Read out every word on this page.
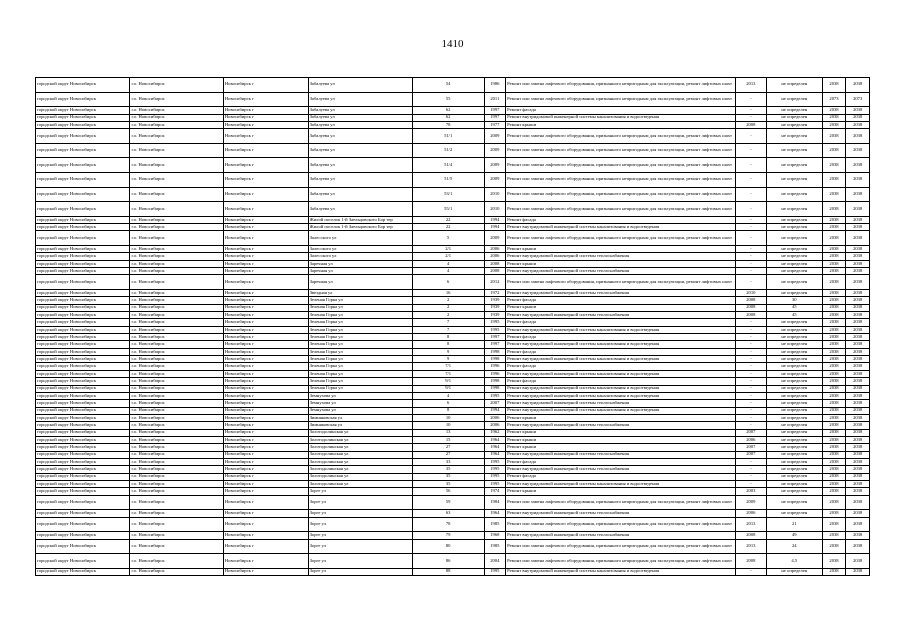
1410
городской округ Новосибирск	г.о. Новосибирск	Новосибирск г	Забалуева ул	54	1986	Ремонт или замена лифтового оборудования, признанного непригодным для эксплуатации, ремонт лифтовых шахт	2013	не определен	2038	2038
городской округ Новосибирск	г.о. Новосибирск	Новосибирск г	Забалуева ул	55	2011	Ремонт или замена лифтового оборудования, признанного непригодным для эксплуатации, ремонт лифтовых шахт	-	не определен	2073	2073
городской округ Новосибирск	г.о. Новосибирск	Новосибирск г	Забалуева ул	62	1997	Ремонт фасада	-	не определен	2038	2038
городской округ Новосибирск	г.о. Новосибирск	Новосибирск г	Забалуева ул	62	1997	Ремонт внутридомовой инженерной системы канализования и водоотведения	-	не определен	2038	2038
городской округ Новосибирск	г.о. Новосибирск	Новосибирск г	Забалуева ул	78	1977	Ремонт крыши	2008	не определен	2038	2038
городской округ Новосибирск	г.о. Новосибирск	Новосибирск г	Забалуева ул	51/1	2009	Ремонт или замена лифтового оборудования, признанного непригодным для эксплуатации, ремонт лифтовых шахт	-	не определен	2038	2038
городской округ Новосибирск	г.о. Новосибирск	Новосибирск г	Забалуева ул	51/2	2009	Ремонт или замена лифтового оборудования, признанного непригодным для эксплуатации, ремонт лифтовых шахт	-	не определен	2038	2038
городской округ Новосибирск	г.о. Новосибирск	Новосибирск г	Забалуева ул	51/4	2009	Ремонт или замена лифтового оборудования, признанного непригодным для эксплуатации, ремонт лифтовых шахт	-	не определен	2038	2038
городской округ Новосибирск	г.о. Новосибирск	Новосибирск г	Забалуева ул	51/5	2009	Ремонт или замена лифтового оборудования, признанного непригодным для эксплуатации, ремонт лифтовых шахт	-	не определен	2038	2038
городской округ Новосибирск	г.о. Новосибирск	Новосибирск г	Забалуева ул	53/1	2010	Ремонт или замена лифтового оборудования, признанного непригодным для эксплуатации, ремонт лифтовых шахт	-	не определен	2038	2038
городской округ Новосибирск	г.о. Новосибирск	Новосибирск г	Забалуева ул	55/1	2010	Ремонт или замена лифтового оборудования, признанного непригодным для эксплуатации, ремонт лифтовых шахт	-	не определен	2038	2038
городской округ Новосибирск	г.о. Новосибирск	Новосибирск г	Жилой поселок 1-й Заельцовского Бор тер	22	1994	Ремонт фасада	-	не определен	2038	2038
городской округ Новосибирск	г.о. Новосибирск	Новосибирск г	Жилой поселок 1-й Заельцовского Бор тер	22	1994	Ремонт внутридомовой инженерной системы канализования и водоотведения	-	не определен	2038	2038
городской округ Новосибирск	г.о. Новосибирск	Новосибирск г	Залесского ул	5	2009	Ремонт или замена лифтового оборудования, признанного непригодным для эксплуатации, ремонт лифтовых шахт	-	не определен	2038	2038
городской округ Новосибирск	г.о. Новосибирск	Новосибирск г	Залесского ул	2/1	2006	Ремонт крыши	-	не определен	2038	2038
городской округ Новосибирск	г.о. Новосибирск	Новосибирск г	Залесского ул	2/1	2006	Ремонт внутридомовой инженерной системы теплоснабжения	-	не определен	2038	2038
городской округ Новосибирск	г.о. Новосибирск	Новосибирск г	Заречная ул	4	2008	Ремонт крыши	-	не определен	2038	2038
городской округ Новосибирск	г.о. Новосибирск	Новосибирск г	Заречная ул	4	2008	Ремонт внутридомовой инженерной системы теплоснабжения	-	не определен	2038	2038
городской округ Новосибирск	г.о. Новосибирск	Новосибирск г	Заречная ул	6	2012	Ремонт или замена лифтового оборудования, признанного непригодным для эксплуатации, ремонт лифтовых шахт	-	не определен	2038	2038
городской округ Новосибирск	г.о. Новосибирск	Новосибирск г	Звездная ул	16	1972	Ремонт внутридомовой инженерной системы теплоснабжения	2010	не определен	2038	2038
городской округ Новосибирск	г.о. Новосибирск	Новосибирск г	Зеленая Горка ул	2	1939	Ремонт фасада	2008	30	2038	2038
городской округ Новосибирск	г.о. Новосибирск	Новосибирск г	Зеленая Горка ул	2	1939	Ремонт крыши	2008	45	2038	2038
городской округ Новосибирск	г.о. Новосибирск	Новосибирск г	Зеленая Горка ул	2	1939	Ремонт внутридомовой инженерной системы теплоснабжения	2008	45	2038	2038
городской округ Новосибирск	г.о. Новосибирск	Новосибирск г	Зеленая Горка ул	7	1995	Ремонт фасада	-	не определен	2038	2038
городской округ Новосибирск	г.о. Новосибирск	Новосибирск г	Зеленая Горка ул	7	1995	Ремонт внутридомовой инженерной системы канализования и водоотведения	-	не определен	2038	2038
городской округ Новосибирск	г.о. Новосибирск	Новосибирск г	Зеленая Горка ул	8	1997	Ремонт фасада	-	не определен	2038	2038
городской округ Новосибирск	г.о. Новосибирск	Новосибирск г	Зеленая Горка ул	8	1997	Ремонт внутридомовой инженерной системы канализования и водоотведения	-	не определен	2038	2038
городской округ Новосибирск	г.о. Новосибирск	Новосибирск г	Зеленая Горка ул	9	1998	Ремонт фасада	-	не определен	2038	2038
городской округ Новосибирск	г.о. Новосибирск	Новосибирск г	Зеленая Горка ул	9	1998	Ремонт внутридомовой инженерной системы канализования и водоотведения	-	не определен	2038	2038
городской округ Новосибирск	г.о. Новосибирск	Новосибирск г	Зеленая Горка ул	7/1	1996	Ремонт фасада	-	не определен	2038	2038
городской округ Новосибирск	г.о. Новосибирск	Новосибирск г	Зеленая Горка ул	7/1	1996	Ремонт внутридомовой инженерной системы канализования и водоотведения	-	не определен	2038	2038
городской округ Новосибирск	г.о. Новосибирск	Новосибирск г	Зеленая Горка ул	9/1	1998	Ремонт фасада	-	не определен	2038	2038
городской округ Новосибирск	г.о. Новосибирск	Новосибирск г	Зеленая Горка ул	9/1	1998	Ремонт внутридомовой инженерной системы канализования и водоотведения	-	не определен	2038	2038
городской округ Новосибирск	г.о. Новосибирск	Новосибирск г	Земнухова ул	4	1995	Ремонт внутридомовой инженерной системы канализования и водоотведения	-	не определен	2038	2038
городской округ Новосибирск	г.о. Новосибирск	Новосибирск г	Земнухова ул	6	2007	Ремонт внутридомовой инженерной системы теплоснабжения	-	не определен	2038	2038
городской округ Новосибирск	г.о. Новосибирск	Новосибирск г	Земнухова ул	8	1994	Ремонт внутридомовой инженерной системы канализования и водоотведения	-	не определен	2038	2038
городской округ Новосибирск	г.о. Новосибирск	Новосибирск г	Зимняковская ул	10	2006	Ремонт крыши	-	не определен	2038	2038
городской округ Новосибирск	г.о. Новосибирск	Новосибирск г	Зимняковская ул	10	2006	Ремонт внутридомовой инженерной системы теплоснабжения	-	не определен	2038	2038
городской округ Новосибирск	г.о. Новосибирск	Новосибирск г	Золотодолинская ул	13	1962	Ремонт крыши	2007	не определен	2038	2038
городской округ Новосибирск	г.о. Новосибирск	Новосибирск г	Золотодолинская ул	15	1964	Ремонт крыши	2006	не определен	2038	2038
городской округ Новосибирск	г.о. Новосибирск	Новосибирск г	Золотодолинская ул	27	1964	Ремонт крыши	2007	не определен	2038	2038
городской округ Новосибирск	г.о. Новосибирск	Новосибирск г	Золотодолинская ул	27	1964	Ремонт внутридомовой инженерной системы теплоснабжения	2007	не определен	2038	2038
городской округ Новосибирск	г.о. Новосибирск	Новосибирск г	Золотодолинская ул	33	1995	Ремонт фасада	-	не определен	2038	2038
городской округ Новосибирск	г.о. Новосибирск	Новосибирск г	Золотодолинская ул	35	1995	Ремонт внутридомовой инженерной системы теплоснабжения	-	не определен	2038	2038
городской округ Новосибирск	г.о. Новосибирск	Новосибирск г	Золотодолинская ул	35	1995	Ремонт фасада	-	не определен	2038	2038
городской округ Новосибирск	г.о. Новосибирск	Новосибирск г	Золотодолинская ул	35	1995	Ремонт внутридомовой инженерной системы канализования и водоотведения	-	не определен	2038	2038
городской округ Новосибирск	г.о. Новосибирск	Новосибирск г	Зорге ул	56	1974	Ремонт крыши	2003	не определен	2038	2038
городской округ Новосибирск	г.о. Новосибирск	Новосибирск г	Зорге ул	59	1984	Ремонт или замена лифтового оборудования, признанного непригодным для эксплуатации, ремонт лифтовых шахт	2009	не определен	2038	2038
городской округ Новосибирск	г.о. Новосибирск	Новосибирск г	Зорге ул	63	1964	Ремонт внутридомовой инженерной системы теплоснабжения	2006	не определен	2038	2038
городской округ Новосибирск	г.о. Новосибирск	Новосибирск г	Зорге ул	78	1985	Ремонт или замена лифтового оборудования, признанного непригодным для эксплуатации, ремонт лифтовых шахт	2013	21	2038	2038
городской округ Новосибирск	г.о. Новосибирск	Новосибирск г	Зорге ул	79	1968	Ремонт внутридомовой инженерной системы теплоснабжения	2008	49	2038	2038
городской округ Новосибирск	г.о. Новосибирск	Новосибирск г	Зорге ул	80	1985	Ремонт или замена лифтового оборудования, признанного непригодным для эксплуатации, ремонт лифтовых шахт	2013	24	2038	2038
городской округ Новосибирск	г.о. Новосибирск	Новосибирск г	Зорге ул	86	2004	Ремонт или замена лифтового оборудования, признанного непригодным для эксплуатации, ремонт лифтовых шахт	2008	4,5	2038	2038
городской округ Новосибирск	г.о. Новосибирск	Новосибирск г	Зорге ул	88	1995	Ремонт внутридомовой инженерной системы канализования и водоотведения	-	не определен	2038	2038
